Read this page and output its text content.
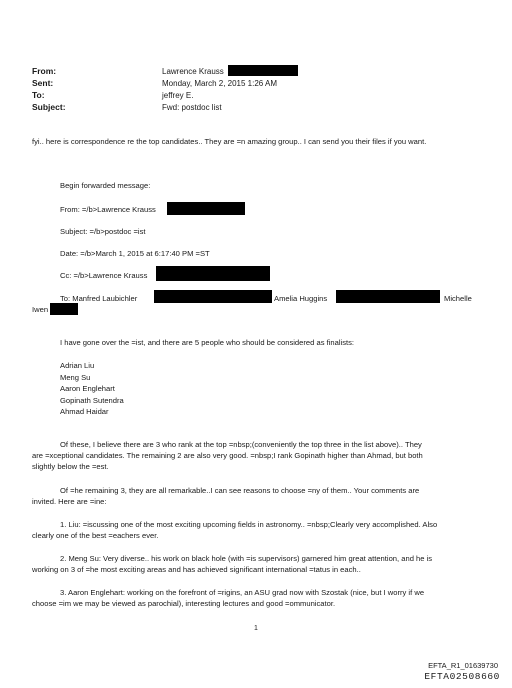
From:
Sent:
To:
Subject:
Lawrence Krauss
Monday, March 2, 2015 1:26 AM
jeffrey E.
Fwd: postdoc list
fyi.. here is correspondence re the top candidates.. They are =n amazing group.. I can send you their files if you want.
Begin forwarded message:
From: =/b>Lawrence Krauss
Subject: =/b>postdoc =ist
Date: =/b>March 1, 2015 at 6:17:40 PM =ST
Cc: =/b>Lawrence Krauss
To: Manfred Laubichler	Amelia Huggins	Michelle
Iwen
I have gone over the =ist, and there are 5 people who should be considered as finalists:
Adrian Liu
Meng Su
Aaron Englehart
Gopinath Sutendra
Ahmad Haidar
Of these, I believe there are 3 who rank at the top =nbsp;(conveniently the top three in the list above).. They
are =xceptional candidates. The remaining 2 are also very good. =nbsp;I rank Gopinath higher than Ahmad, but both
slightly below the =est.
Of =he remaining 3, they are all remarkable..I can see reasons to choose =ny of them.. Your comments are
invited. Here are =ine:
1. Liu: =iscussing one of the most exciting upcoming fields in astronomy.. =nbsp;Clearly very accomplished. Also
clearly one of the best =eachers ever.
2. Meng Su: Very diverse.. his work on black hole (with =is supervisors) garnered him great attention, and he is
working on 3 of =he most exciting areas and has achieved significant international =tatus in each..
3. Aaron Englehart: working on the forefront of =rigins, an ASU grad now with Szostak (nice, but I worry if we
choose =im we may be viewed as parochial), interesting lectures and good =ommunicator.
1
EFTA_R1_01639730
EFTA02508660
